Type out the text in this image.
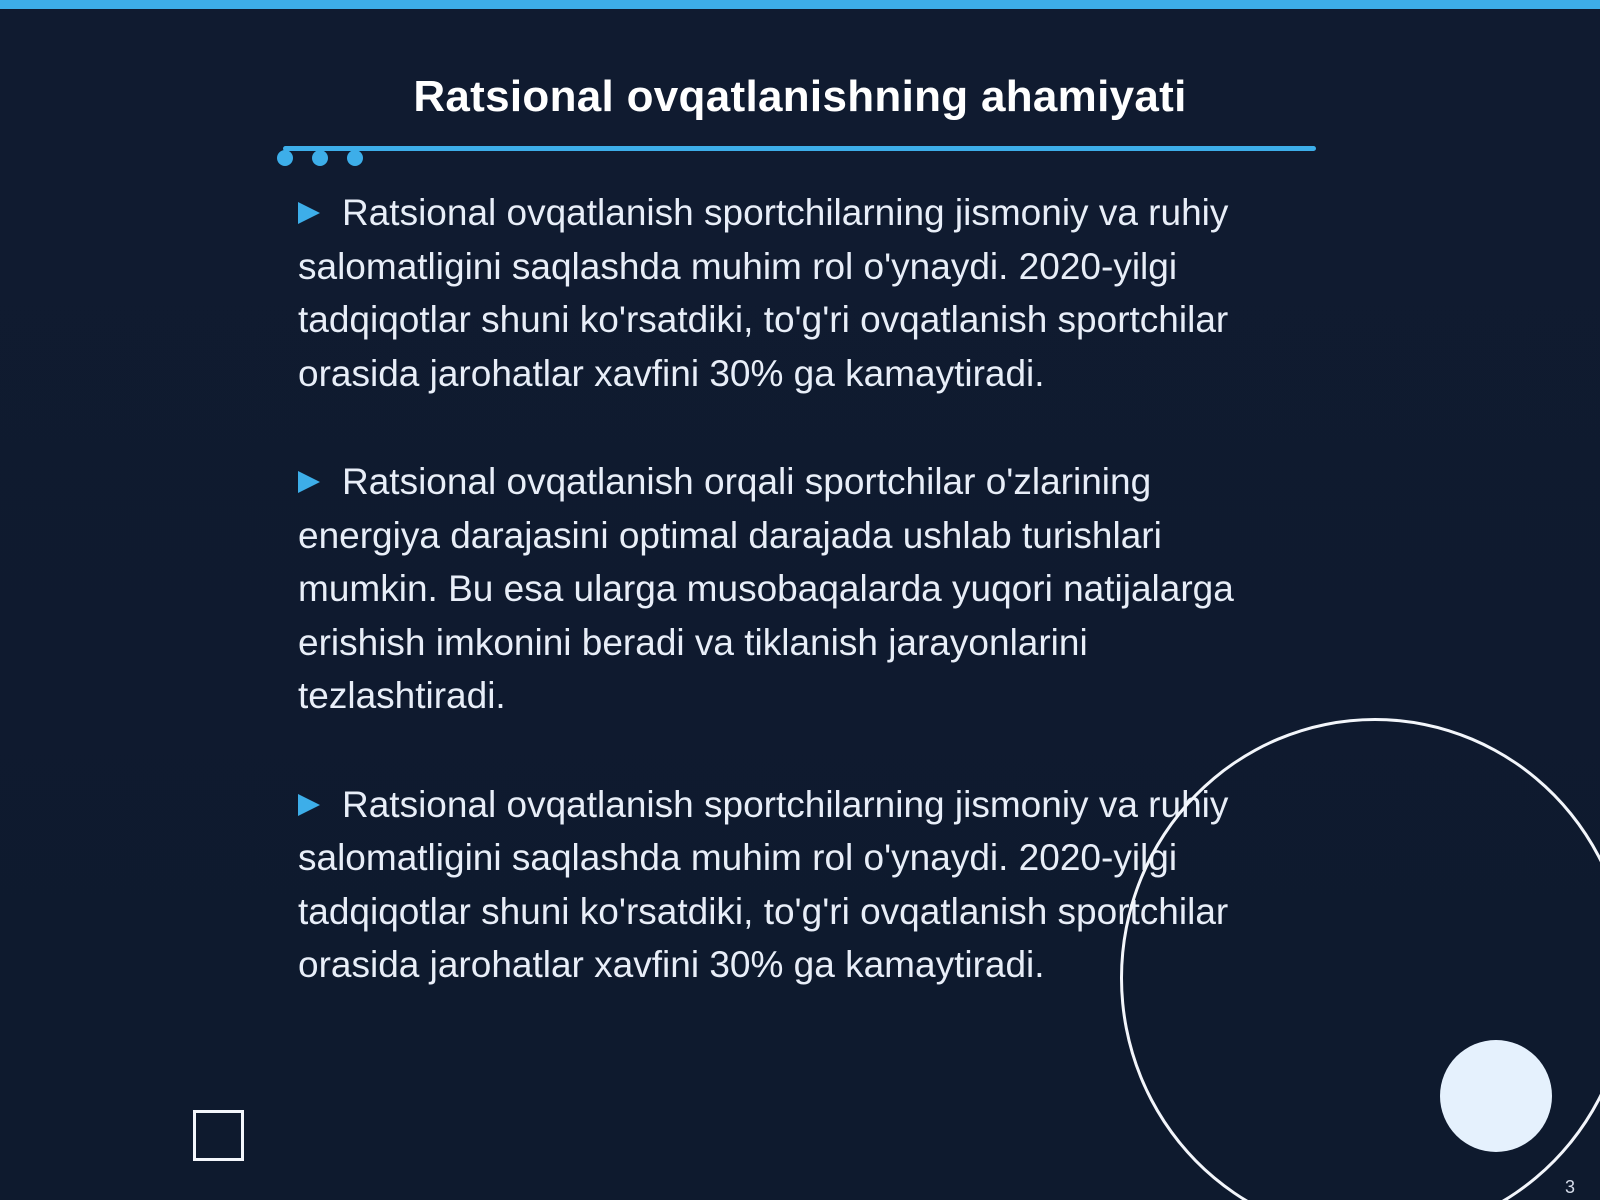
Ratsional ovqatlanishning ahamiyati
Ratsional ovqatlanish sportchilarning jismoniy va ruhiy salomatligini saqlashda muhim rol o'ynaydi. 2020-yilgi tadqiqotlar shuni ko'rsatdiki, to'g'ri ovqatlanish sportchilar orasida jarohatlar xavfini 30% ga kamaytiradi.
Ratsional ovqatlanish orqali sportchilar o'zlarining energiya darajasini optimal darajada ushlab turishlari mumkin. Bu esa ularga musobaqalarda yuqori natijalarga erishish imkonini beradi va tiklanish jarayonlarini tezlashtiradi.
Ratsional ovqatlanish sportchilarning jismoniy va ruhiy salomatligini saqlashda muhim rol o'ynaydi. 2020-yilgi tadqiqotlar shuni ko'rsatdiki, to'g'ri ovqatlanish sportchilar orasida jarohatlar xavfini 30% ga kamaytiradi.
3
